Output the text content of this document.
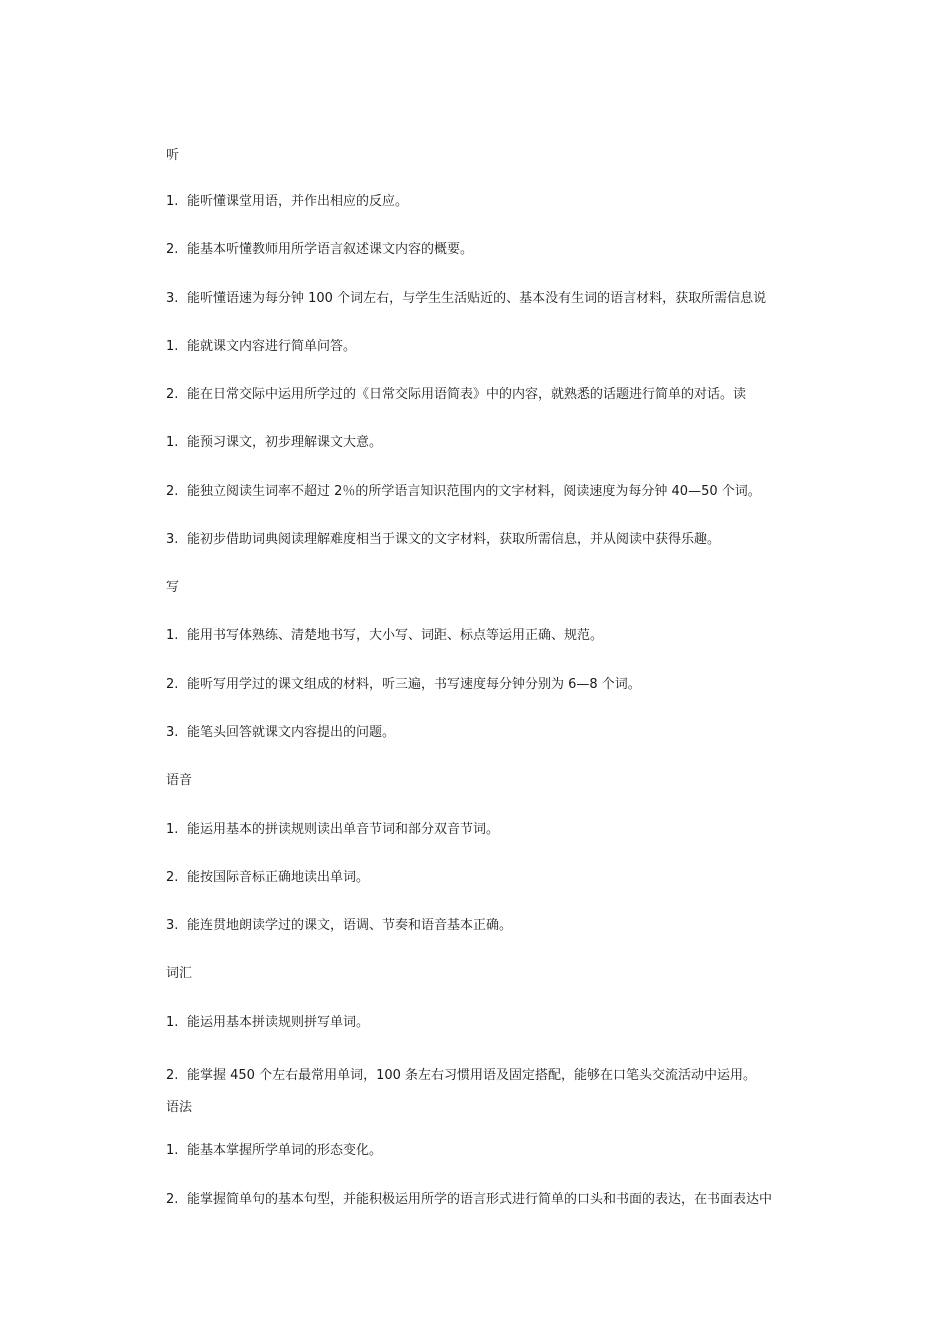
听
1. 能听懂课堂用语，并作出相应的反应。
2. 能基本听懂教师用所学语言叙述课文内容的概要。
3. 能听懂语速为每分钟 100 个词左右，与学生生活贴近的、基本没有生词的语言材料，获取所需信息说
1. 能就课文内容进行简单问答。
2. 能在日常交际中运用所学过的《日常交际用语简表》中的内容，就熟悉的话题进行简单的对话。读
1. 能预习课文，初步理解课文大意。
2. 能独立阅读生词率不超过 2％的所学语言知识范围内的文字材料，阅读速度为每分钟 40—50 个词。
3. 能初步借助词典阅读理解难度相当于课文的文字材料，获取所需信息，并从阅读中获得乐趣。
写
1. 能用书写体熟练、清楚地书写，大小写、词距、标点等运用正确、规范。
2. 能听写用学过的课文组成的材料，听三遍，书写速度每分钟分别为 6—8 个词。
3. 能笔头回答就课文内容提出的问题。
语音
1. 能运用基本的拼读规则读出单音节词和部分双音节词。
2. 能按国际音标正确地读出单词。
3. 能连贯地朗读学过的课文，语调、节奏和语音基本正确。
词汇
1. 能运用基本拼读规则拼写单词。
2. 能掌握 450 个左右最常用单词，100 条左右习惯用语及固定搭配，能够在口笔头交流活动中运用。
语法
1. 能基本掌握所学单词的形态变化。
2. 能掌握简单句的基本句型，并能积极运用所学的语言形式进行简单的口头和书面的表达，在书面表达中
